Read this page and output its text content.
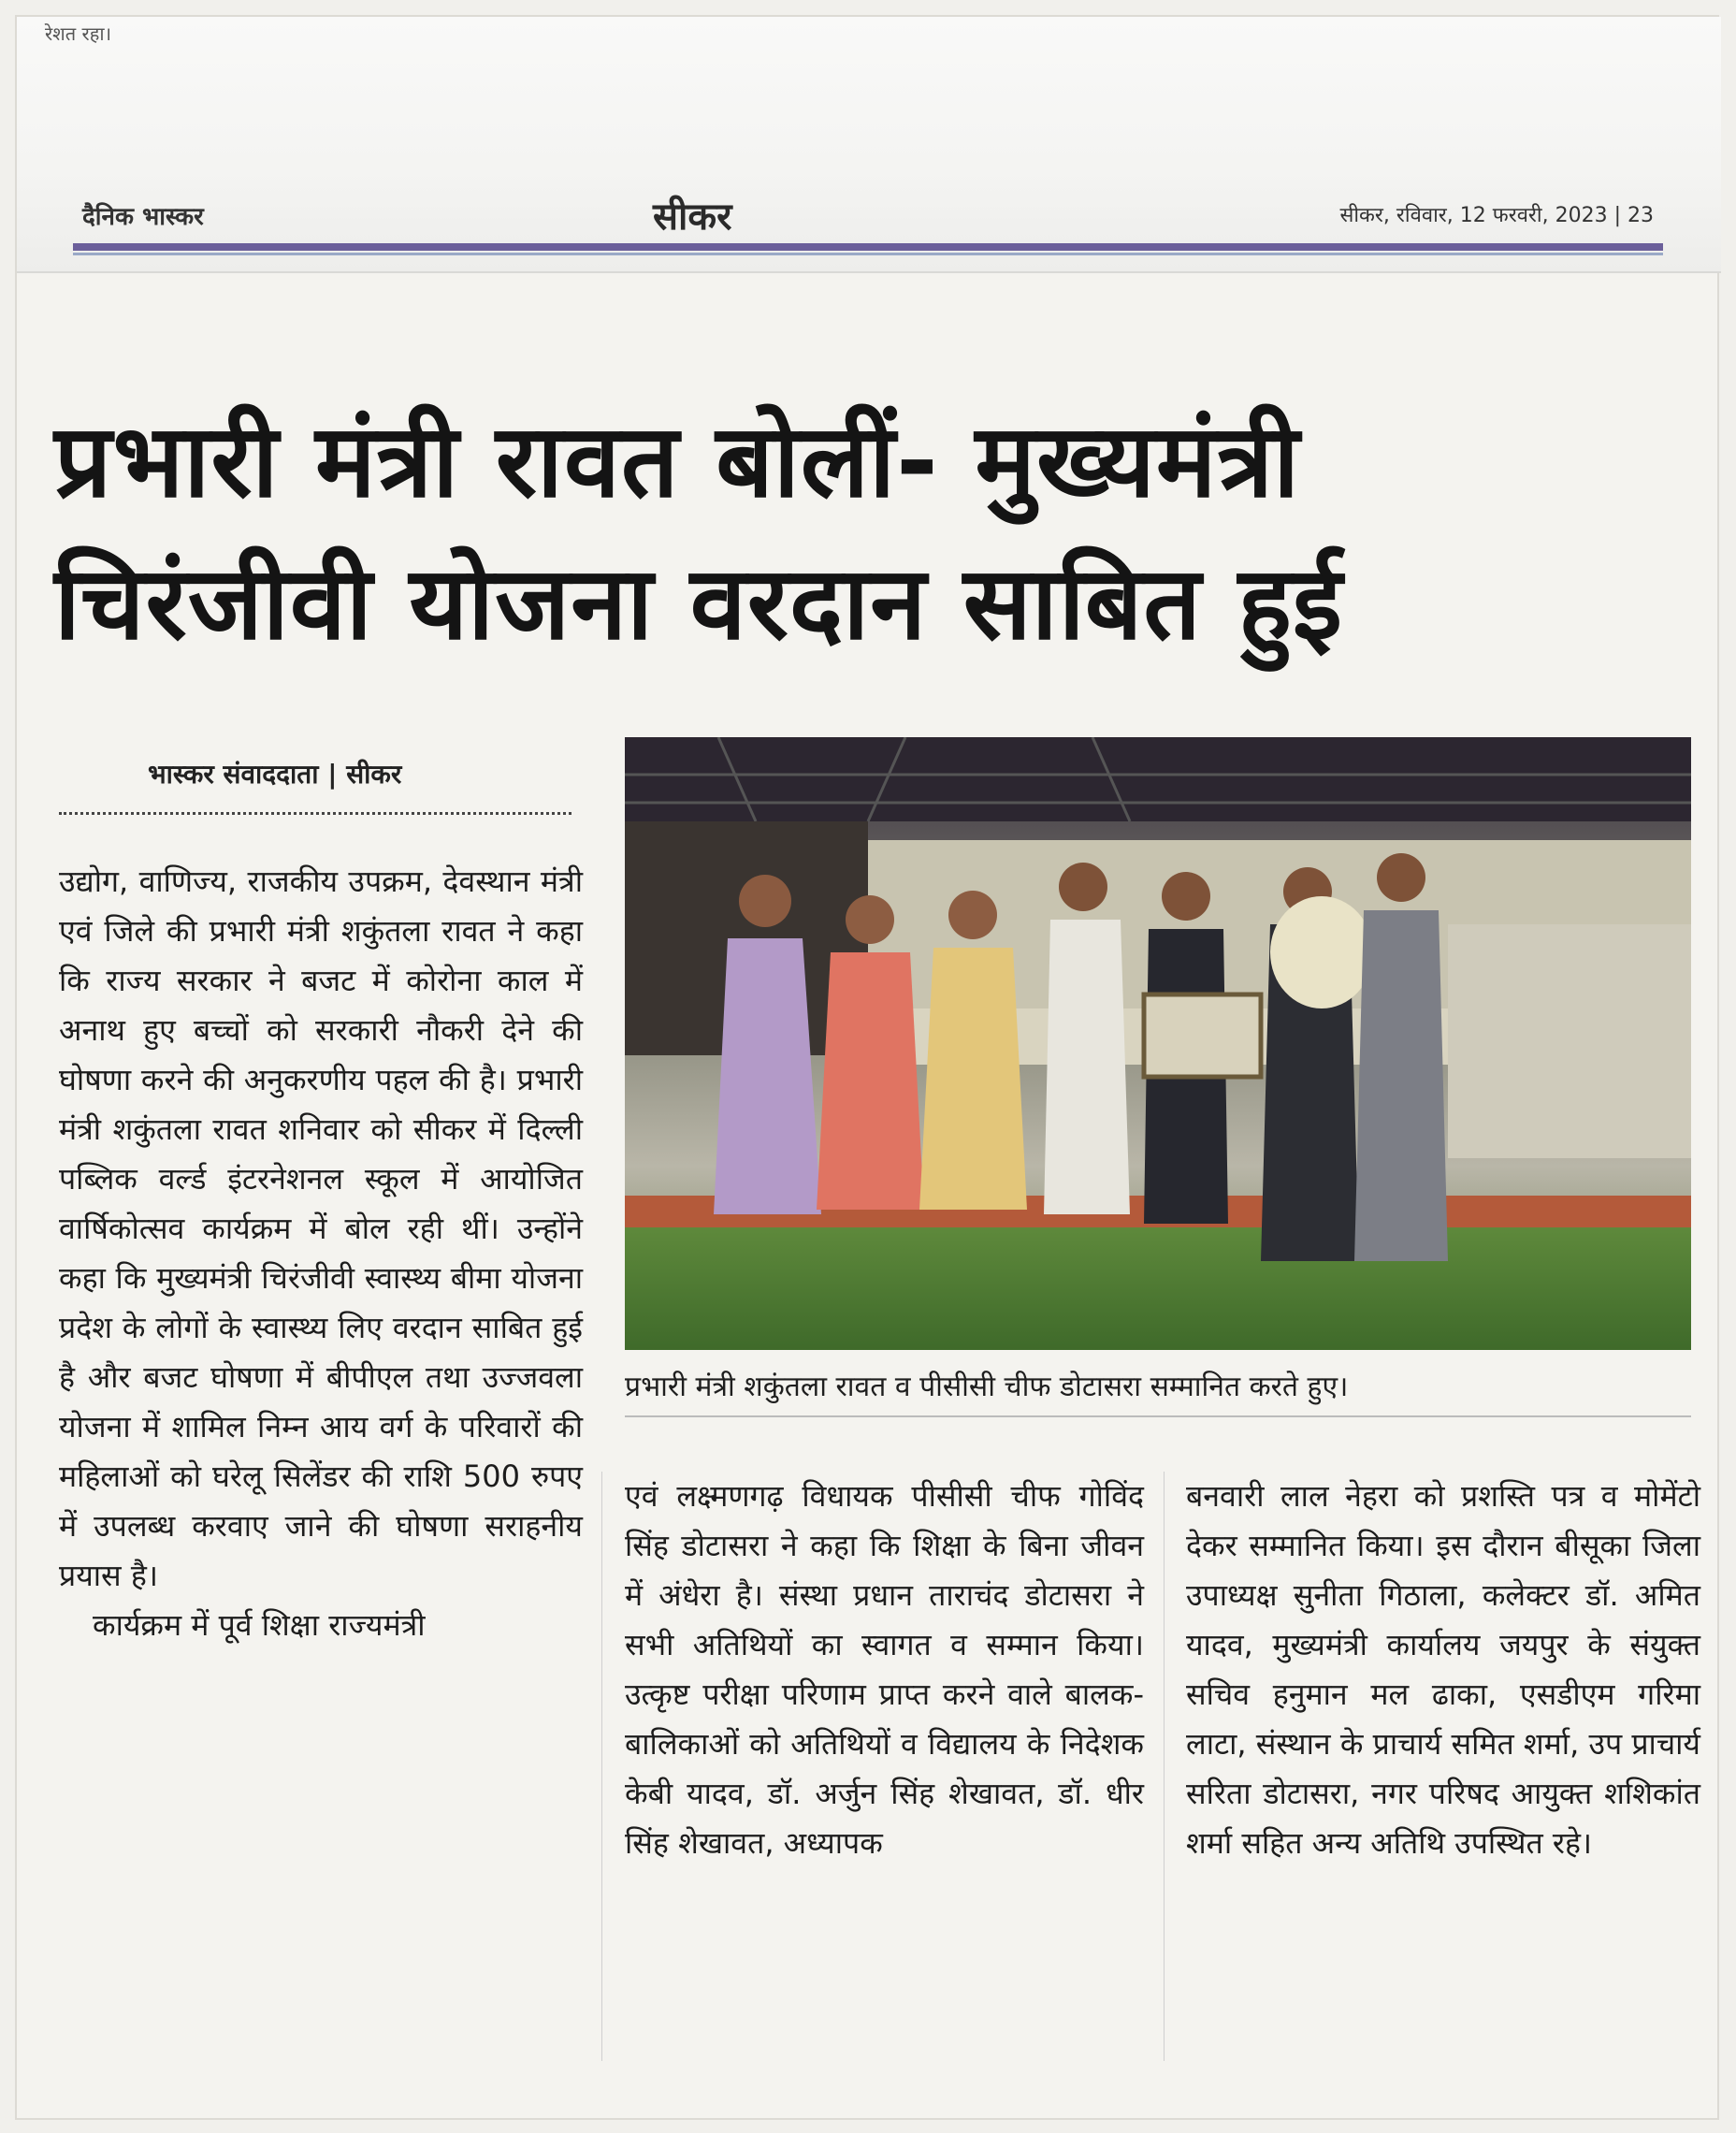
रेशत रहा।
दैनिक भास्कर	सीकर	सीकर, रविवार, 12 फरवरी, 2023 | 23
प्रभारी मंत्री रावत बोलीं- मुख्यमंत्री
चिरंजीवी योजना वरदान साबित हुई
भास्कर संवाददाता | सीकर
प्रभारी मंत्री शकुंतला रावत व पीसीसी चीफ डोटासरा सम्मानित करते हुए।

उद्योग, वाणिज्य, राजकीय उपक्रम, देवस्थान मंत्री एवं जिले की प्रभारी मंत्री शकुंतला रावत ने कहा कि राज्य सरकार ने बजट में कोरोना काल में अनाथ हुए बच्चों को सरकारी नौकरी देने की घोषणा करने की अनुकरणीय पहल की है। प्रभारी मंत्री शकुंतला रावत शनिवार को सीकर में दिल्ली पब्लिक वर्ल्ड इंटरनेशनल स्कूल में आयोजित वार्षिकोत्सव कार्यक्रम में बोल रही थीं। उन्होंने कहा कि मुख्यमंत्री चिरंजीवी स्वास्थ्य बीमा योजना प्रदेश के लोगों के स्वास्थ्य लिए वरदान साबित हुई है और बजट घोषणा में बीपीएल तथा उज्जवला योजना में शामिल निम्न आय वर्ग के परिवारों की महिलाओं को घरेलू सिलेंडर की राशि 500 रुपए में उपलब्ध करवाए जाने की घोषणा सराहनीय प्रयास है।

कार्यक्रम में पूर्व शिक्षा राज्यमंत्री

एवं लक्ष्मणगढ़ विधायक पीसीसी चीफ गोविंद सिंह डोटासरा ने कहा कि शिक्षा के बिना जीवन में अंधेरा है। संस्था प्रधान ताराचंद डोटासरा ने सभी अतिथियों का स्वागत व सम्मान किया। उत्कृष्ट परीक्षा परिणाम प्राप्त करने वाले बालक-बालिकाओं को अतिथियों व विद्यालय के निदेशक केबी यादव, डॉ. अर्जुन सिंह शेखावत, डॉ. धीर सिंह शेखावत, अध्यापक

बनवारी लाल नेहरा को प्रशस्ति पत्र व मोमेंटो देकर सम्मानित किया। इस दौरान बीसूका जिला उपाध्यक्ष सुनीता गिठाला, कलेक्टर डॉ. अमित यादव, मुख्यमंत्री कार्यालय जयपुर के संयुक्त सचिव हनुमान मल ढाका, एसडीएम गरिमा लाटा, संस्थान के प्राचार्य समित शर्मा, उप प्राचार्य सरिता डोटासरा, नगर परिषद आयुक्त शशिकांत शर्मा सहित अन्य अतिथि उपस्थित रहे।
